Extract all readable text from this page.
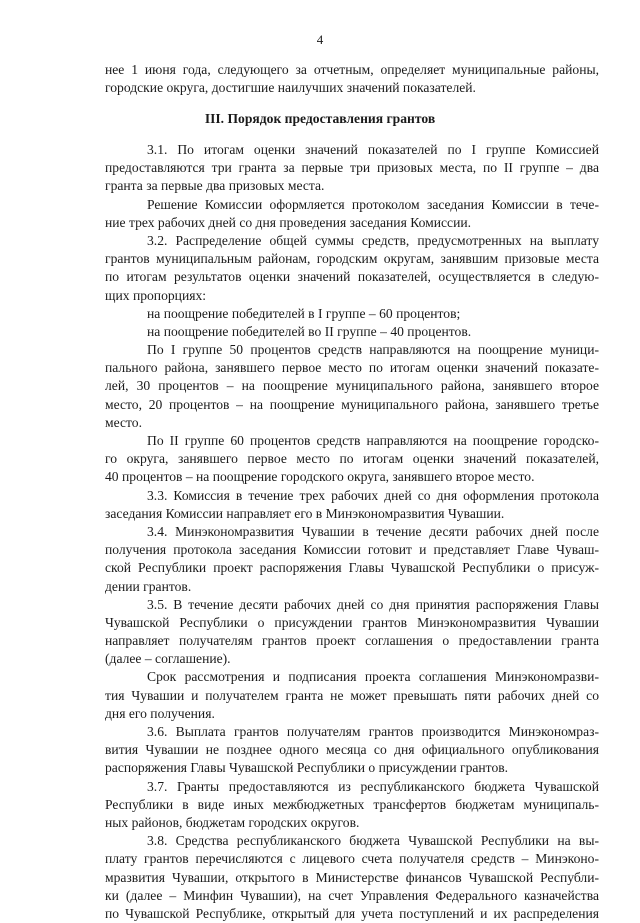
4
нее 1 июня года, следующего за отчетным, определяет муниципальные районы,
городские округа, достигшие наилучших значений показателей.
III. Порядок предоставления грантов
3.1. По итогам оценки значений показателей по I группе Комиссией
предоставляются три гранта за первые три призовых места, по II группе – два
гранта за первые два призовых места.
Решение Комиссии оформляется протоколом заседания Комиссии в тече-
ние трех рабочих дней со дня проведения заседания Комиссии.
3.2. Распределение общей суммы средств, предусмотренных на выплату
грантов муниципальным районам, городским округам, занявшим призовые места
по итогам результатов оценки значений показателей, осуществляется в следую-
щих пропорциях:
на поощрение победителей в I группе – 60 процентов;
на поощрение победителей во II группе – 40 процентов.
По I группе 50 процентов средств направляются на поощрение муници-
пального района, занявшего первое место по итогам оценки значений показате-
лей, 30 процентов – на поощрение муниципального района, занявшего второе
место, 20 процентов – на поощрение муниципального района, занявшего третье
место.
По II группе 60 процентов средств направляются на поощрение городско-
го округа, занявшего первое место по итогам оценки значений показателей,
40 процентов – на поощрение городского округа, занявшего второе место.
3.3. Комиссия в течение трех рабочих дней со дня оформления протокола
заседания Комиссии направляет его в Минэкономразвития Чувашии.
3.4. Минэкономразвития Чувашии в течение десяти рабочих дней после
получения протокола заседания Комиссии готовит и представляет Главе Чуваш-
ской Республики проект распоряжения Главы Чувашской Республики о присуж-
дении грантов.
3.5. В течение десяти рабочих дней со дня принятия распоряжения Главы
Чувашской Республики о присуждении грантов Минэкономразвития Чувашии
направляет получателям грантов проект соглашения о предоставлении гранта
(далее – соглашение).
Срок рассмотрения и подписания проекта соглашения Минэкономразви-
тия Чувашии и получателем гранта не может превышать пяти рабочих дней со
дня его получения.
3.6. Выплата грантов получателям грантов производится Минэкономраз-
вития Чувашии не позднее одного месяца со дня официального опубликования
распоряжения Главы Чувашской Республики о присуждении грантов.
3.7. Гранты предоставляются из республиканского бюджета Чувашской
Республики в виде иных межбюджетных трансфертов бюджетам муниципаль-
ных районов, бюджетам городских округов.
3.8. Средства республиканского бюджета Чувашской Республики на вы-
плату грантов перечисляются с лицевого счета получателя средств – Минэконо-
мразвития Чувашии, открытого в Министерстве финансов Чувашской Республи-
ки (далее – Минфин Чувашии), на счет Управления Федерального казначейства
по Чувашской Республике, открытый для учета поступлений и их распределения
